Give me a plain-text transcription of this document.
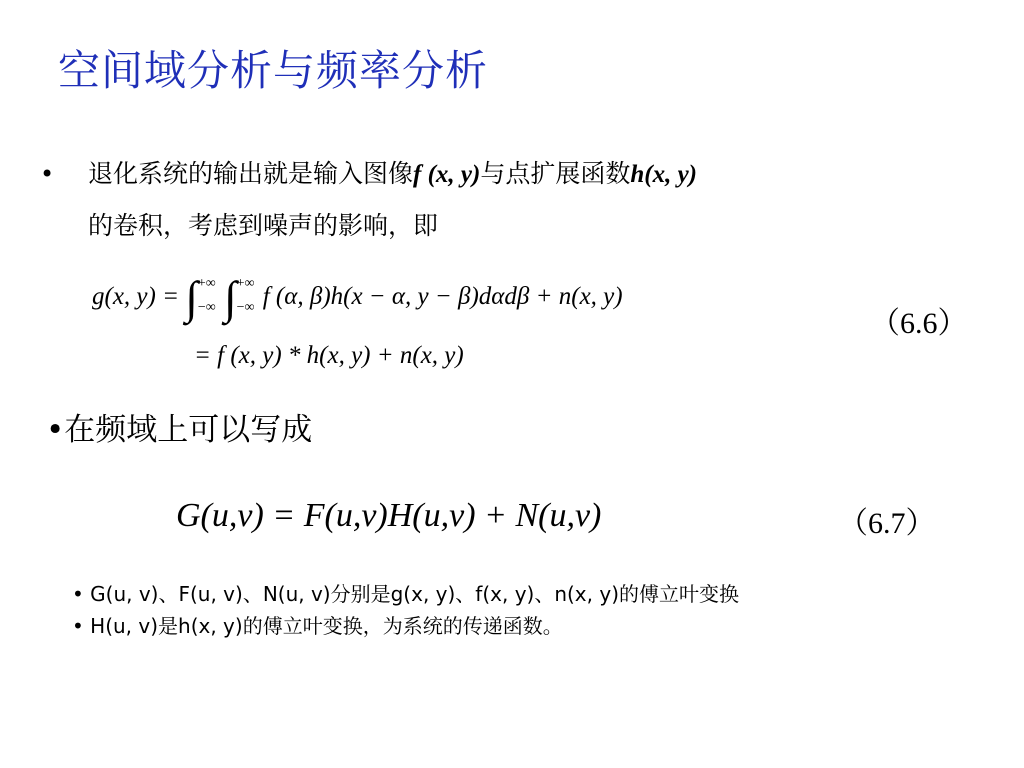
空间域分析与频率分析
• 退化系统的输出就是输入图像f (x, y)与点扩展函数h(x, y)
的卷积，考虑到噪声的影响，即
g(x, y) = ∫ +∞
−∞ ∫ +∞
−∞ f (α, β)h(x − α, y − β)dαdβ + n(x, y)
= f (x, y) * h(x, y) + n(x, y)
（6.6）
•在频域上可以写成
G(u,v) = F(u,v)H(u,v) + N(u,v)	（6.7）
• G(u, v)、F(u, v)、N(u, v)分别是g(x, y)、f(x, y)、n(x, y)的傅立叶变换
• H(u, v)是h(x, y)的傅立叶变换，为系统的传递函数。
